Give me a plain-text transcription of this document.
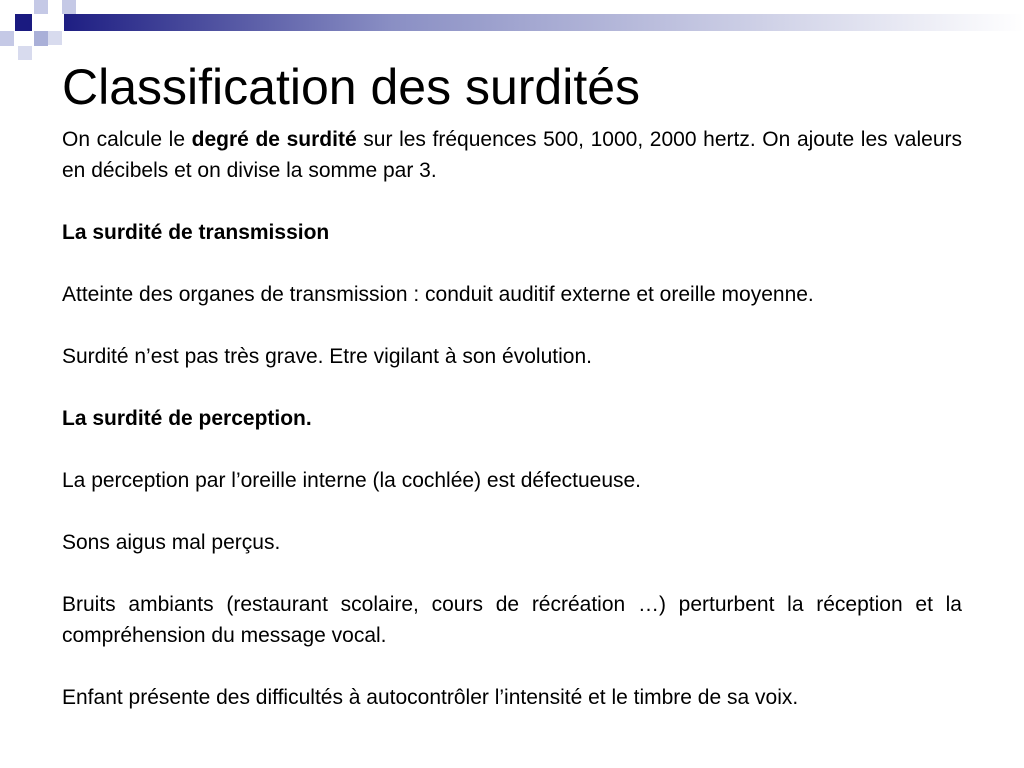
Classification des surdités

On calcule le degré de surdité sur les fréquences 500, 1000, 2000 hertz. On ajoute les valeurs en décibels et on divise la somme par 3.

La surdité de transmission

Atteinte des organes de transmission : conduit auditif externe et oreille moyenne.

Surdité n’est pas très grave. Etre vigilant à son évolution.

La surdité de perception.

La perception par l’oreille interne (la cochlée) est défectueuse.

Sons aigus mal perçus.

Bruits ambiants (restaurant scolaire, cours de récréation …) perturbent la réception et la compréhension du message vocal.

Enfant présente des difficultés à autocontrôler l’intensité et le timbre de sa voix.
